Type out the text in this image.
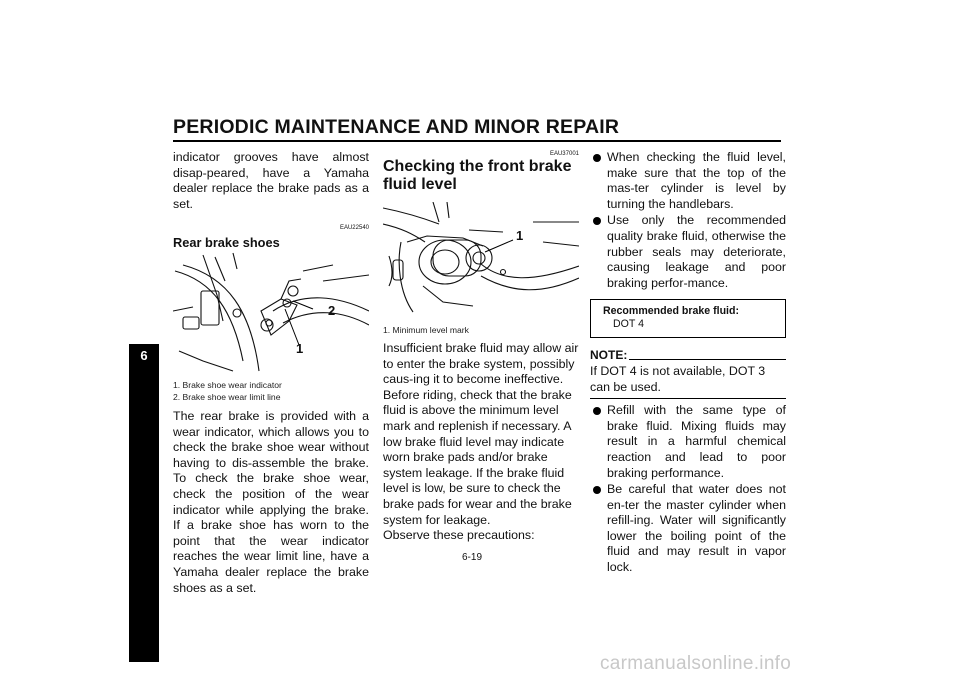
PERIODIC MAINTENANCE AND MINOR REPAIR
6

indicator grooves have almost disap-peared, have a Yamaha dealer replace the brake pads as a set.

EAU22540
Rear brake shoes
2
1
1. Brake shoe wear indicator
2. Brake shoe wear limit line

The rear brake is provided with a wear indicator, which allows you to check the brake shoe wear without having to dis-assemble the brake. To check the brake shoe wear, check the position of the wear indicator while applying the brake. If a brake shoe has worn to the point that the wear indicator reaches the wear limit line, have a Yamaha dealer replace the brake shoes as a set.

EAU37001
Checking the front brake fluid level
1
1. Minimum level mark

Insufficient brake fluid may allow air to enter the brake system, possibly caus-ing it to become ineffective.

Before riding, check that the brake fluid is above the minimum level mark and replenish if necessary. A low brake fluid level may indicate worn brake pads and/or brake system leakage. If the brake fluid level is low, be sure to check the brake pads for wear and the brake system for leakage.

Observe these precautions:

When checking the fluid level, make sure that the top of the mas-ter cylinder is level by turning the handlebars.
Use only the recommended quality brake fluid, otherwise the rubber seals may deteriorate, causing leakage and poor braking perfor-mance.
Recommended brake fluid:
DOT 4
NOTE:

If DOT 4 is not available, DOT 3 can be used.

Refill with the same type of brake fluid. Mixing fluids may result in a harmful chemical reaction and lead to poor braking performance.
Be careful that water does not en-ter the master cylinder when refill-ing. Water will significantly lower the boiling point of the fluid and may result in vapor lock.
6-19
carmanualsonline.info
